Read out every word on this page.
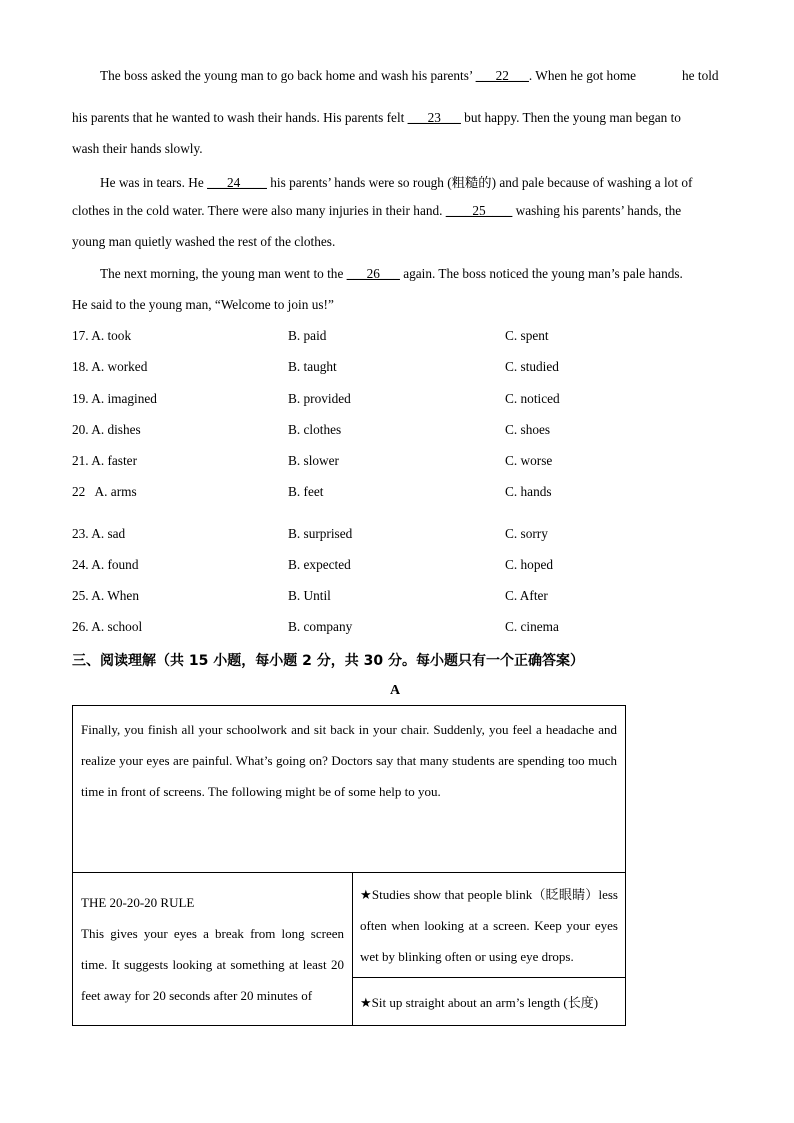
The boss asked the young man to go back home and wash his parents’ ___22___. When he got home	he told
his parents that he wanted to wash their hands. His parents felt ___23___ but happy. Then the young man began to
wash their hands slowly.
He was in tears. He ___24____ his parents’ hands were so rough (粗糙的) and pale because of washing a lot of
clothes in the cold water. There were also many injuries in their hand. ____25____ washing his parents’ hands, the
young man quietly washed the rest of the clothes.
The next morning, the young man went to the ___26___ again. The boss noticed the young man’s pale hands.
He said to the young man, “Welcome to join us!”
17. A. took	B. paid	C. spent
18. A. worked	B. taught	C. studied
19. A. imagined	B. provided	C. noticed
20. A. dishes	B. clothes	C. shoes
21. A. faster	B. slower	C. worse
22   A. arms	B. feet	C. hands
23. A. sad	B. surprised	C. sorry
24. A. found	B. expected	C. hoped
25. A. When	B. Until	C. After
26. A. school	B. company	C. cinema
三、阅读理解（共 15 小题，每小题 2 分，共 30 分。每小题只有一个正确答案）
A

Finally, you finish all your schoolwork and sit back in your chair. Suddenly, you feel a headache and realize your eyes are painful. What’s going on? Doctors say that many students are spending too much time in front of screens. The following might be of some help to you.

THE 20-20-20 RULE
This gives your eyes a break from long screen time. It suggests looking at something at least 20 feet away for 20 seconds after 20 minutes of

★Studies show that people blink（眨眼睛）less often when looking at a screen. Keep your eyes wet by blinking often or using eye drops.

★Sit up straight about an arm’s length (长度)
